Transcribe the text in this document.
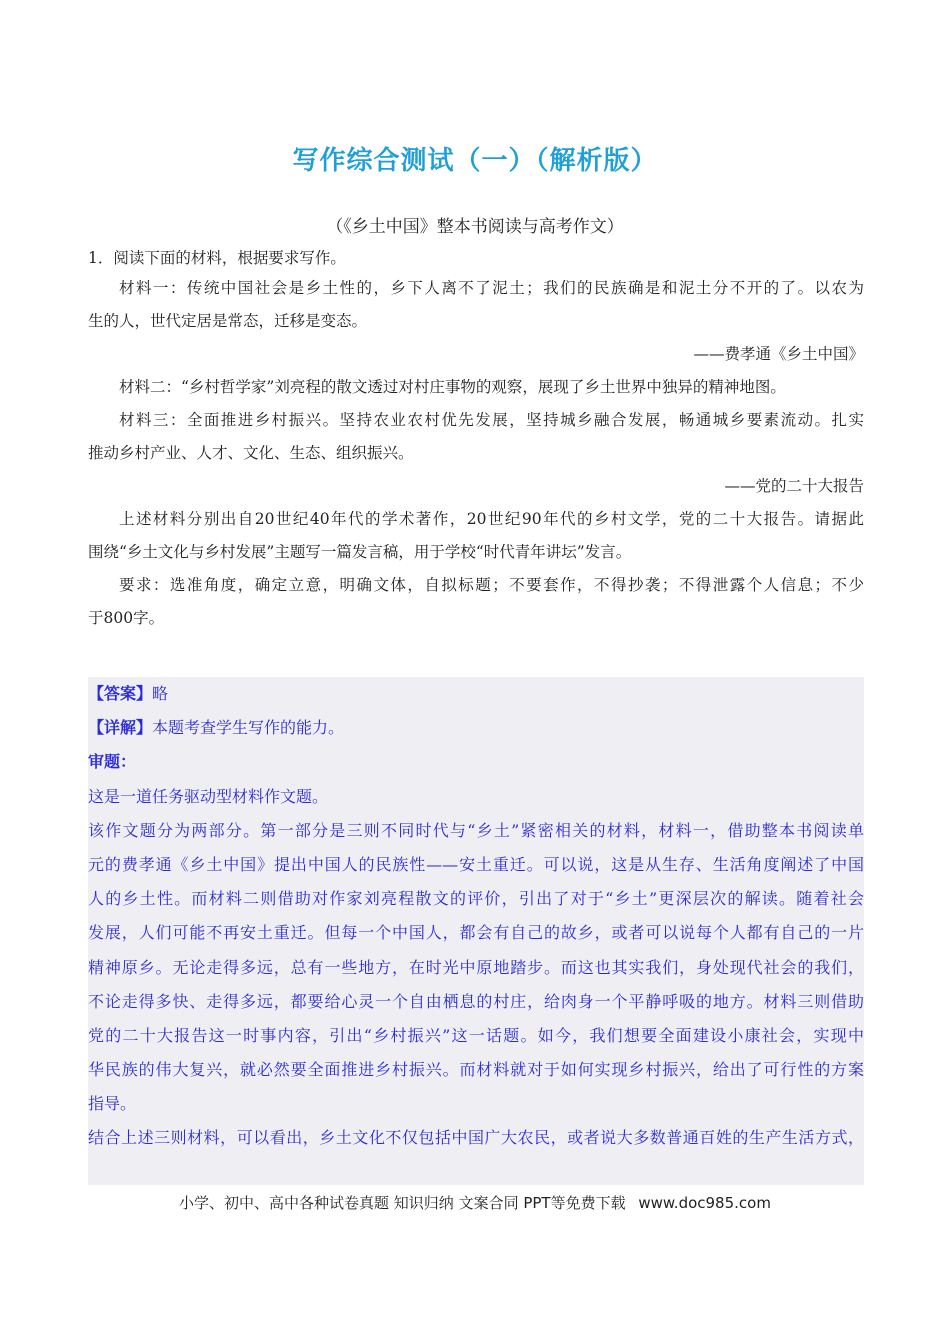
写作综合测试（一）（解析版）
（《乡土中国》整本书阅读与高考作文）
1．阅读下面的材料，根据要求写作。
材料一：传统中国社会是乡土性的，乡下人离不了泥土；我们的民族确是和泥土分不开的了。以农为
生的人，世代定居是常态，迁移是变态。
——费孝通《乡土中国》
材料二：“乡村哲学家”刘亮程的散文透过对村庄事物的观察，展现了乡土世界中独异的精神地图。
材料三：全面推进乡村振兴。坚持农业农村优先发展，坚持城乡融合发展，畅通城乡要素流动。扎实
推动乡村产业、人才、文化、生态、组织振兴。
——党的二十大报告
上述材料分别出自20世纪40年代的学术著作，20世纪90年代的乡村文学，党的二十大报告。请据此
围绕“乡土文化与乡村发展”主题写一篇发言稿，用于学校“时代青年讲坛”发言。
要求：选准角度，确定立意，明确文体，自拟标题；不要套作，不得抄袭；不得泄露个人信息；不少
于800字。
【答案】略
【详解】本题考查学生写作的能力。
审题：
这是一道任务驱动型材料作文题。
该作文题分为两部分。第一部分是三则不同时代与“乡土”紧密相关的材料，材料一，借助整本书阅读单
元的费孝通《乡土中国》提出中国人的民族性——安土重迁。可以说，这是从生存、生活角度阐述了中国
人的乡土性。而材料二则借助对作家刘亮程散文的评价，引出了对于“乡土”更深层次的解读。随着社会
发展，人们可能不再安土重迁。但每一个中国人，都会有自己的故乡，或者可以说每个人都有自己的一片
精神原乡。无论走得多远，总有一些地方，在时光中原地踏步。而这也其实我们，身处现代社会的我们，
不论走得多快、走得多远，都要给心灵一个自由栖息的村庄，给肉身一个平静呼吸的地方。材料三则借助
党的二十大报告这一时事内容，引出“乡村振兴”这一话题。如今，我们想要全面建设小康社会，实现中
华民族的伟大复兴，就必然要全面推进乡村振兴。而材料就对于如何实现乡村振兴，给出了可行性的方案
指导。
结合上述三则材料，可以看出，乡土文化不仅包括中国广大农民，或者说大多数普通百姓的生产生活方式，
小学、初中、高中各种试卷真题 知识归纳 文案合同 PPT等免费下载 www.doc985.com
